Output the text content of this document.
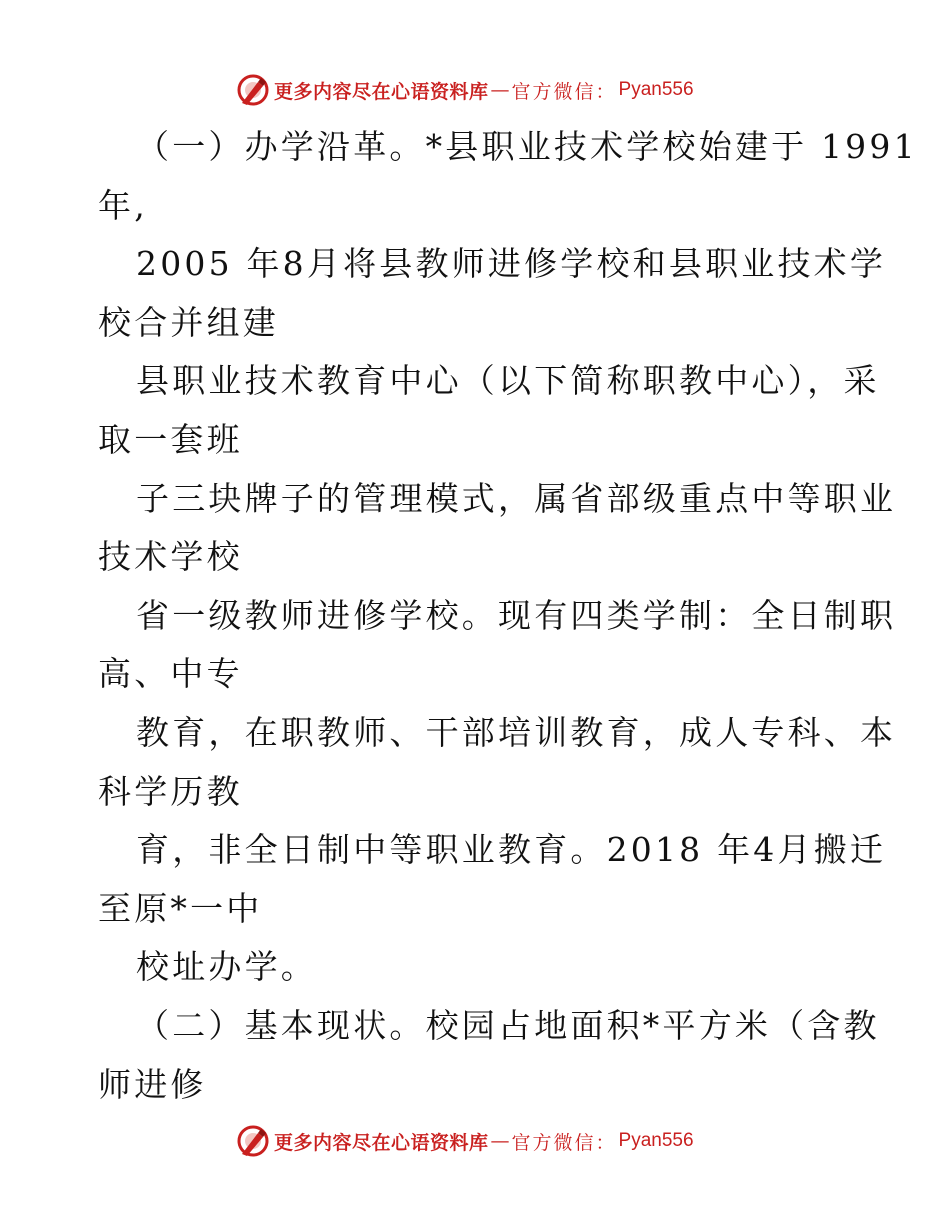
更多内容尽在心语资料库 — 官方微信： Pyan556
（一）办学沿革。*县职业技术学校始建于 1991
年,
2005 年8月将县教师进修学校和县职业技术学
校合并组建
县职业技术教育中心（以下简称职教中心），采
取一套班
子三块牌子的管理模式，属省部级重点中等职业
技术学校
省一级教师进修学校。现有四类学制：全日制职
高、中专
教育，在职教师、干部培训教育，成人专科、本
科学历教
育，非全日制中等职业教育。2018 年4月搬迁
至原*一中
校址办学。
（二）基本现状。校园占地面积*平方米（含教
师进修
更多内容尽在心语资料库 — 官方微信： Pyan556
